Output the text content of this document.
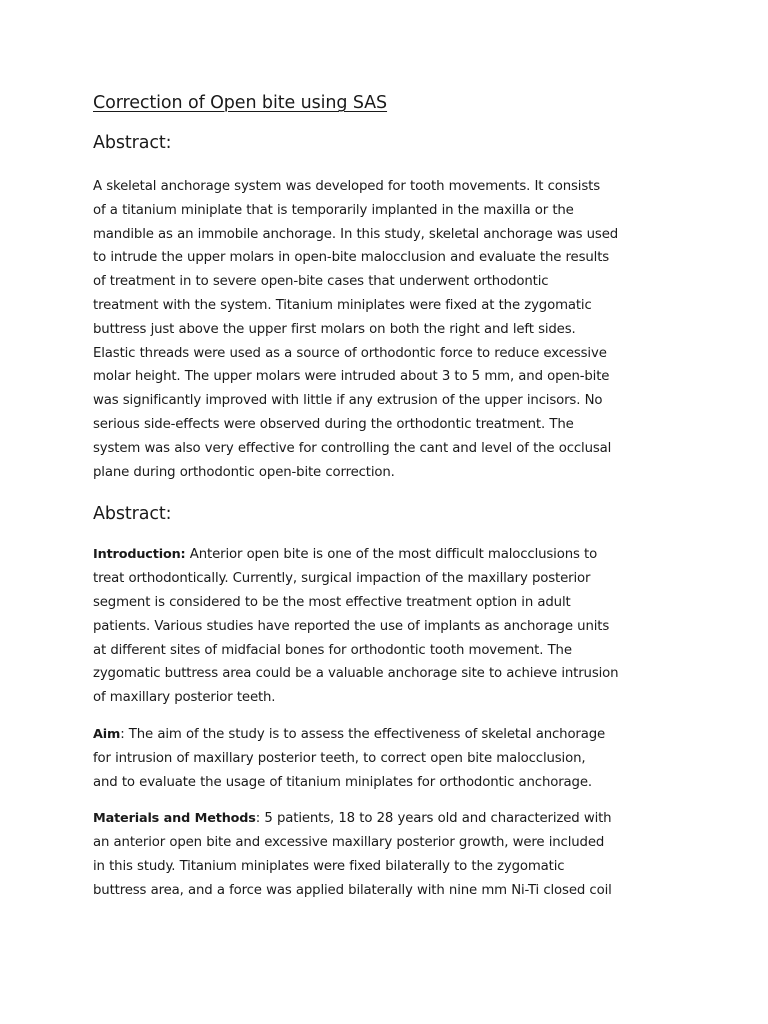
Correction of Open bite using SAS
Abstract:

A skeletal anchorage system was developed for tooth movements. It consists
of a titanium miniplate that is temporarily implanted in the maxilla or the
mandible as an immobile anchorage. In this study, skeletal anchorage was used
to intrude the upper molars in open-bite malocclusion and evaluate the results
of treatment in to severe open-bite cases that underwent orthodontic
treatment with the system. Titanium miniplates were fixed at the zygomatic
buttress just above the upper first molars on both the right and left sides.
Elastic threads were used as a source of orthodontic force to reduce excessive
molar height. The upper molars were intruded about 3 to 5 mm, and open-bite
was significantly improved with little if any extrusion of the upper incisors. No
serious side-effects were observed during the orthodontic treatment. The
system was also very effective for controlling the cant and level of the occlusal
plane during orthodontic open-bite correction.

Abstract:

Introduction: Anterior open bite is one of the most difficult malocclusions to
treat orthodontically. Currently, surgical impaction of the maxillary posterior
segment is considered to be the most effective treatment option in adult
patients. Various studies have reported the use of implants as anchorage units
at different sites of midfacial bones for orthodontic tooth movement. The
zygomatic buttress area could be a valuable anchorage site to achieve intrusion
of maxillary posterior teeth.

Aim: The aim of the study is to assess the effectiveness of skeletal anchorage
for intrusion of maxillary posterior teeth, to correct open bite malocclusion,
and to evaluate the usage of titanium miniplates for orthodontic anchorage.

Materials and Methods: 5 patients, 18 to 28 years old and characterized with
an anterior open bite and excessive maxillary posterior growth, were included
in this study. Titanium miniplates were fixed bilaterally to the zygomatic
buttress area, and a force was applied bilaterally with nine mm Ni-Ti closed coil
